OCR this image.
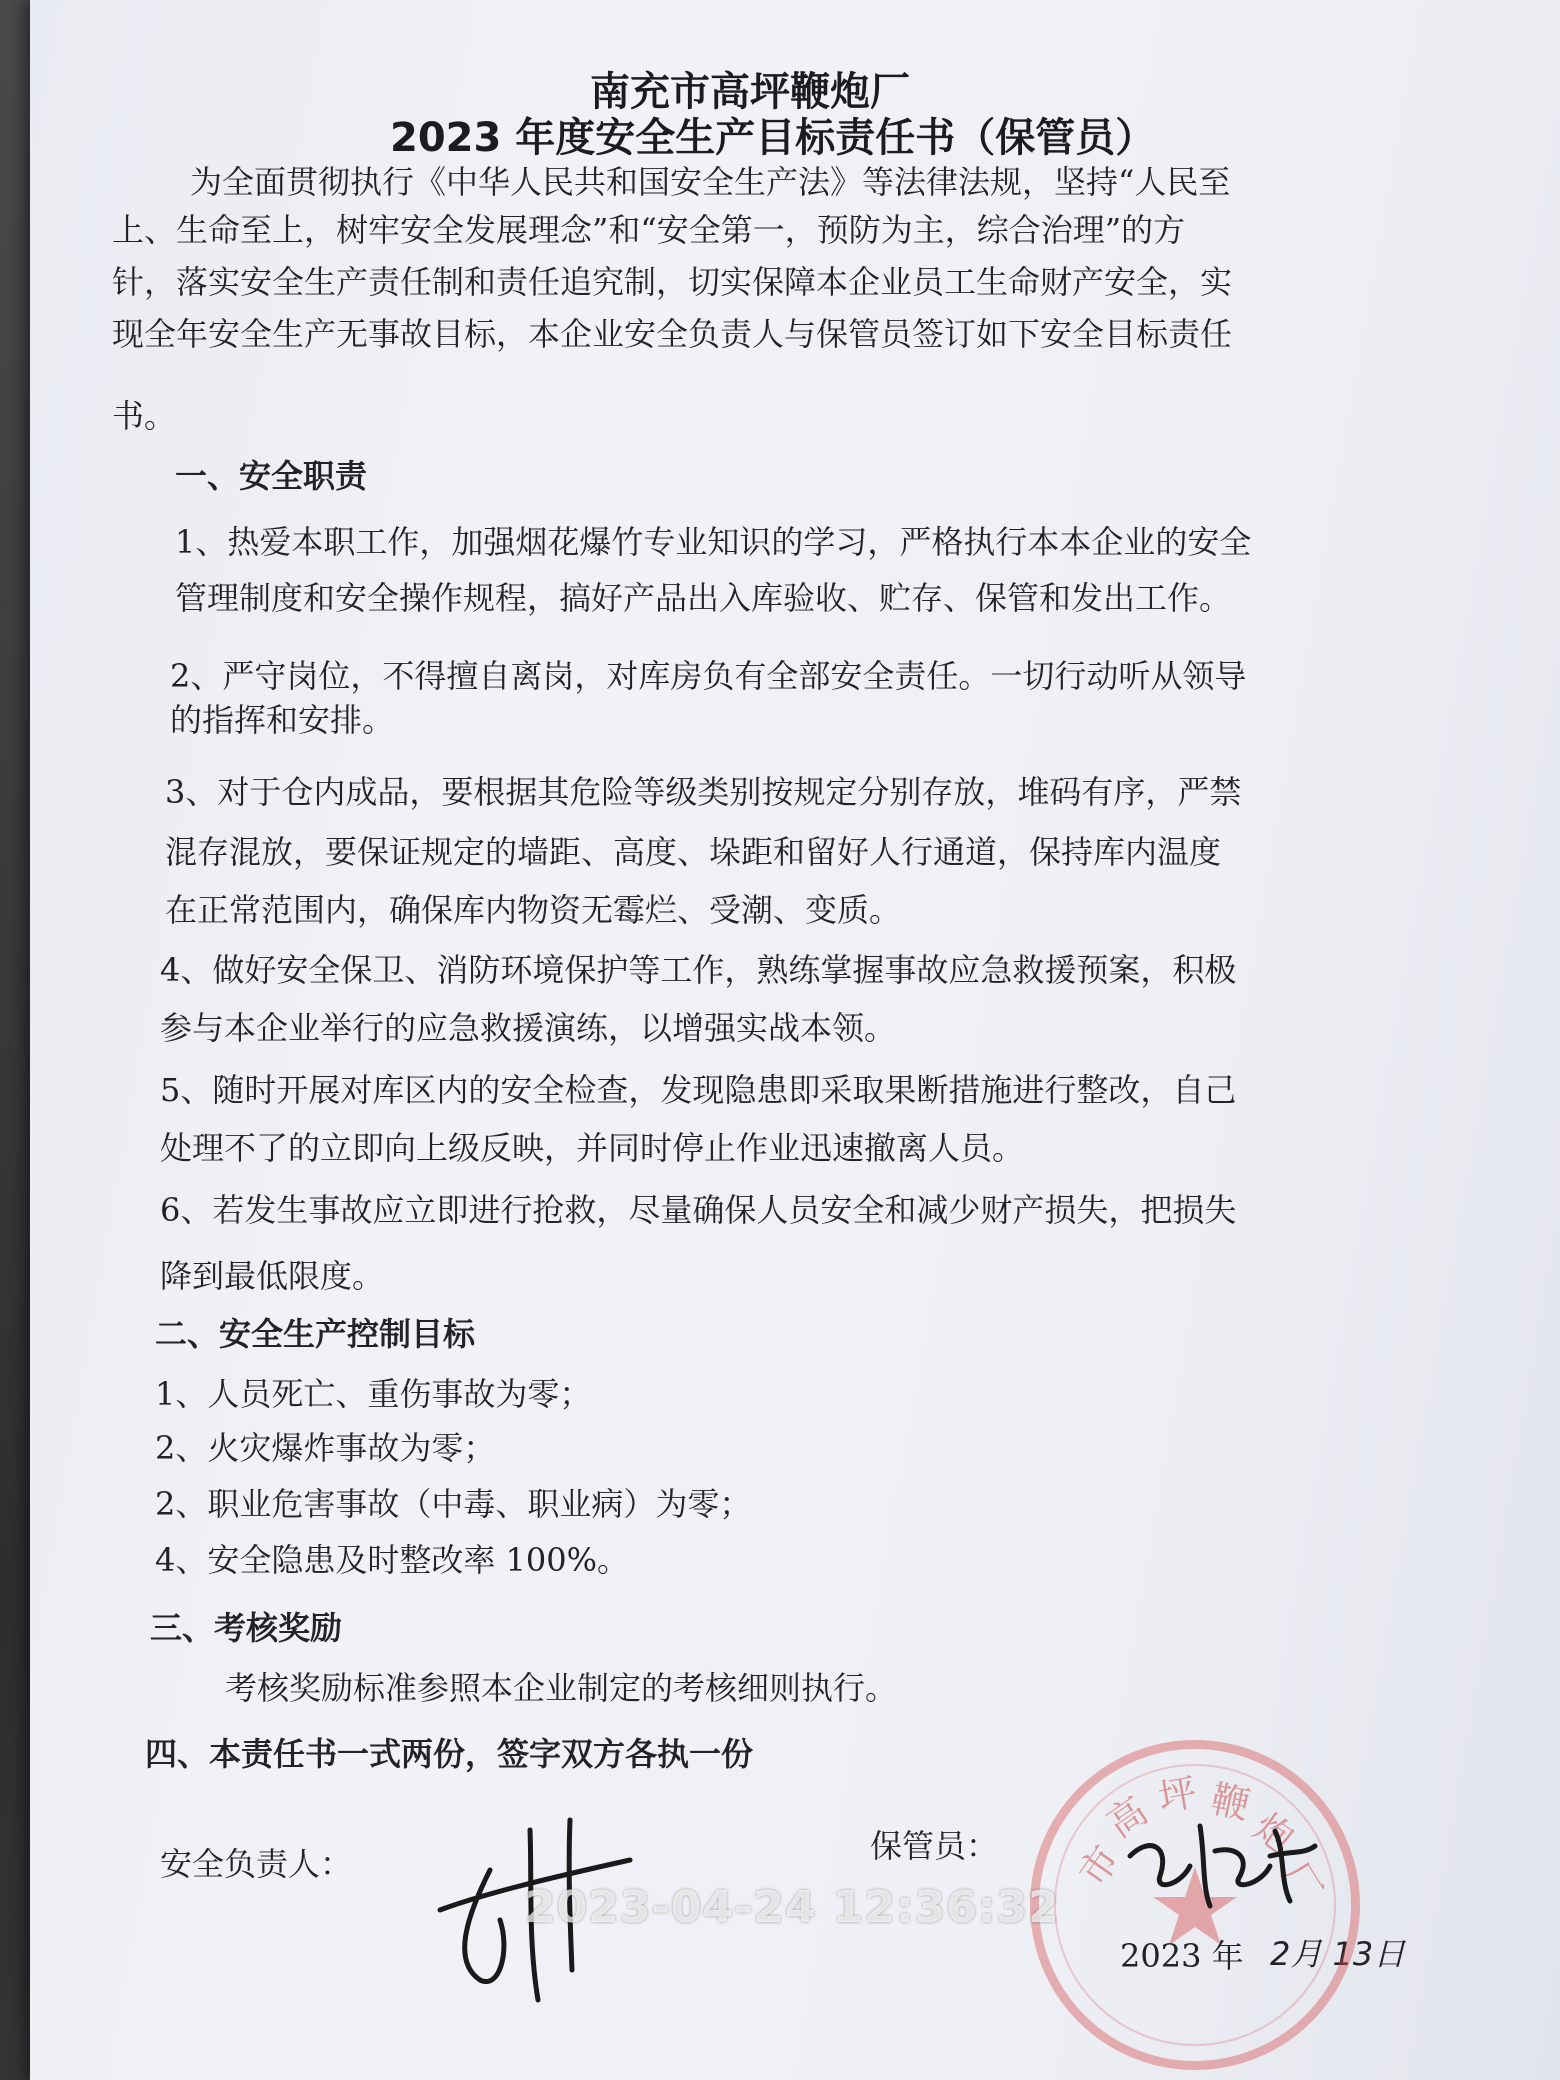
南充市高坪鞭炮厂
2023 年度安全生产目标责任书（保管员）
为全面贯彻执行《中华人民共和国安全生产法》等法律法规，坚持“人民至
上、生命至上，树牢安全发展理念”和“安全第一，预防为主，综合治理”的方
针，落实安全生产责任制和责任追究制，切实保障本企业员工生命财产安全，实
现全年安全生产无事故目标，本企业安全负责人与保管员签订如下安全目标责任
书。
一、安全职责
1、热爱本职工作，加强烟花爆竹专业知识的学习，严格执行本本企业的安全
管理制度和安全操作规程，搞好产品出入库验收、贮存、保管和发出工作。
2、严守岗位，不得擅自离岗，对库房负有全部安全责任。一切行动听从领导
的指挥和安排。
3、对于仓内成品，要根据其危险等级类别按规定分别存放，堆码有序，严禁
混存混放，要保证规定的墙距、高度、垛距和留好人行通道，保持库内温度
在正常范围内，确保库内物资无霉烂、受潮、变质。
4、做好安全保卫、消防环境保护等工作，熟练掌握事故应急救援预案，积极
参与本企业举行的应急救援演练，以增强实战本领。
5、随时开展对库区内的安全检查，发现隐患即采取果断措施进行整改，自己
处理不了的立即向上级反映，并同时停止作业迅速撤离人员。
6、若发生事故应立即进行抢救，尽量确保人员安全和减少财产损失，把损失
降到最低限度。
二、安全生产控制目标
1、人员死亡、重伤事故为零；
2、火灾爆炸事故为零；
2、职业危害事故（中毒、职业病）为零；
4、安全隐患及时整改率 100%。
三、考核奖励
考核奖励标准参照本企业制定的考核细则执行。
四、本责任书一式两份，签字双方各执一份
安全负责人：	保管员：
2023 年 2月 13日
市
高 坪 鞭
炮
厂
2023-04-24 12:36:32
